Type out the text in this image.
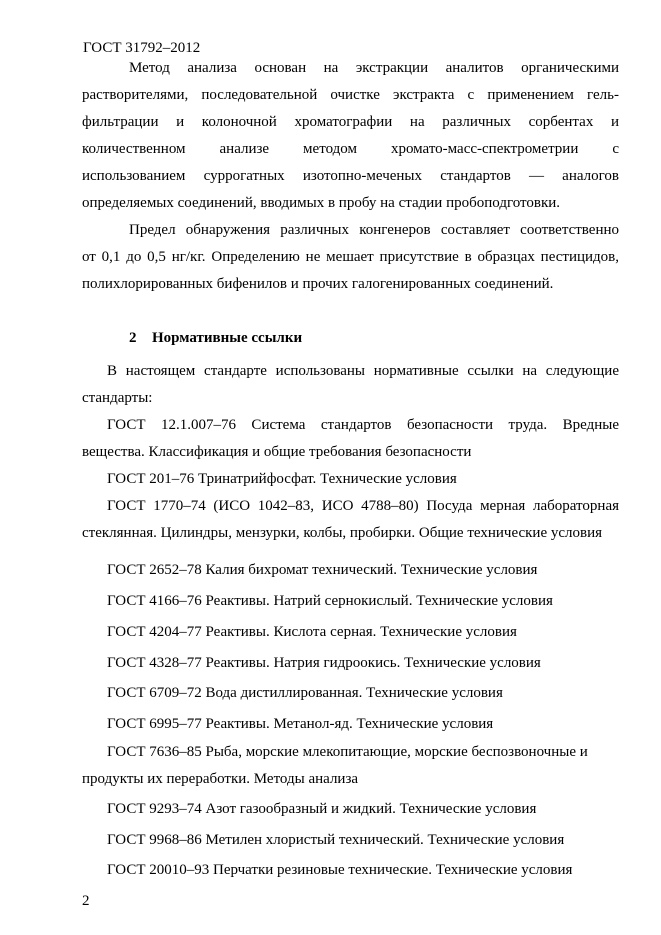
ГОСТ 31792–2012
Метод анализа основан на экстракции аналитов органическими
растворителями, последовательной очистке экстракта с применением гель-
фильтрации и колоночной хроматографии на различных сорбентах и
количественном анализе методом хромато-масс-спектрометрии с
использованием суррогатных изотопно-меченых стандартов — аналогов
определяемых соединений, вводимых в пробу на стадии пробоподготовки.
Предел обнаружения различных конгенеров составляет соответственно
от 0,1 до 0,5 нг/кг. Определению не мешает присутствие в образцах пестицидов,
полихлорированных бифенилов и прочих галогенированных соединений.
2 Нормативные ссылки
В настоящем стандарте использованы нормативные ссылки на следующие
стандарты:
ГОСТ 12.1.007–76 Система стандартов безопасности труда. Вредные
вещества. Классификация и общие требования безопасности
ГОСТ 201–76 Тринатрийфосфат. Технические условия
ГОСТ 1770–74 (ИСО 1042–83, ИСО 4788–80) Посуда мерная лабораторная
стеклянная. Цилиндры, мензурки, колбы, пробирки. Общие технические условия
ГОСТ 2652–78 Калия бихромат технический. Технические условия
ГОСТ 4166–76 Реактивы. Натрий сернокислый. Технические условия
ГОСТ 4204–77 Реактивы. Кислота серная. Технические условия
ГОСТ 4328–77 Реактивы. Натрия гидроокись. Технические условия
ГОСТ 6709–72 Вода дистиллированная. Технические условия
ГОСТ 6995–77 Реактивы. Метанол-яд. Технические условия
ГОСТ 7636–85 Рыба, морские млекопитающие, морские беспозвоночные и
продукты их переработки. Методы анализа
ГОСТ 9293–74 Азот газообразный и жидкий. Технические условия
ГОСТ 9968–86 Метилен хлористый технический. Технические условия
ГОСТ 20010–93 Перчатки резиновые технические. Технические условия
2
